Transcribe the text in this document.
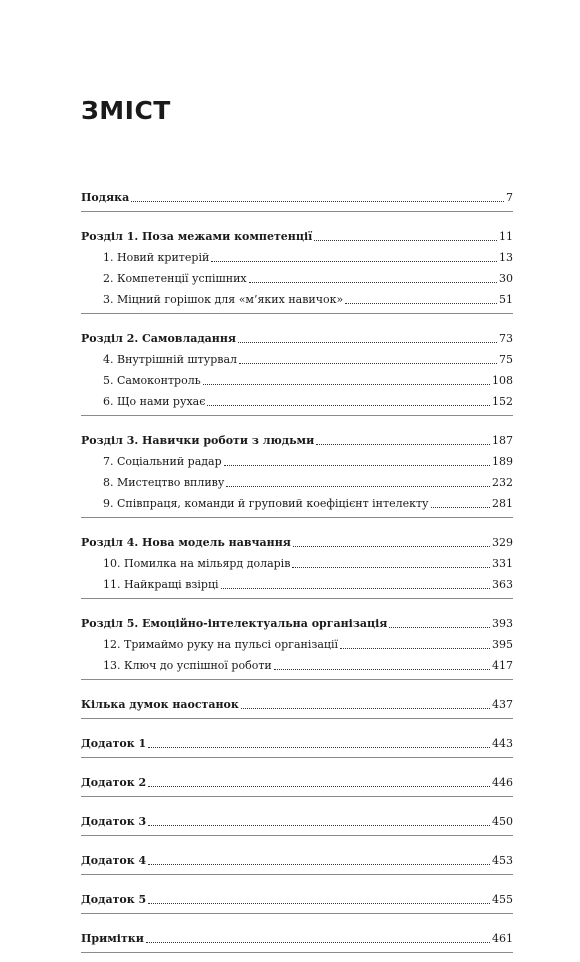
ЗМІСТ
Подяка	7
Розділ 1. Поза межами компетенції	11
1. Новий критерій	13
2. Компетенції успішних	30
3. Міцний горішок для «м’яких навичок»	51
Розділ 2. Самовладання	73
4. Внутрішній штурвал	75
5. Самоконтроль	108
6. Що нами рухає	152
Розділ 3. Навички роботи з людьми	187
7. Соціальний радар	189
8. Мистецтво впливу	232
9. Співпраця, команди й груповий коефіцієнт інтелекту	281
Розділ 4. Нова модель навчання	329
10. Помилка на мільярд доларів	331
11. Найкращі взірці	363
Розділ 5. Емоційно-інтелектуальна організація	393
12. Тримаймо руку на пульсі організації	395
13. Ключ до успішної роботи	417
Кілька думок наостанок	437
Додаток 1	443
Додаток 2	446
Додаток 3	450
Додаток 4	453
Додаток 5	455
Примітки	461
